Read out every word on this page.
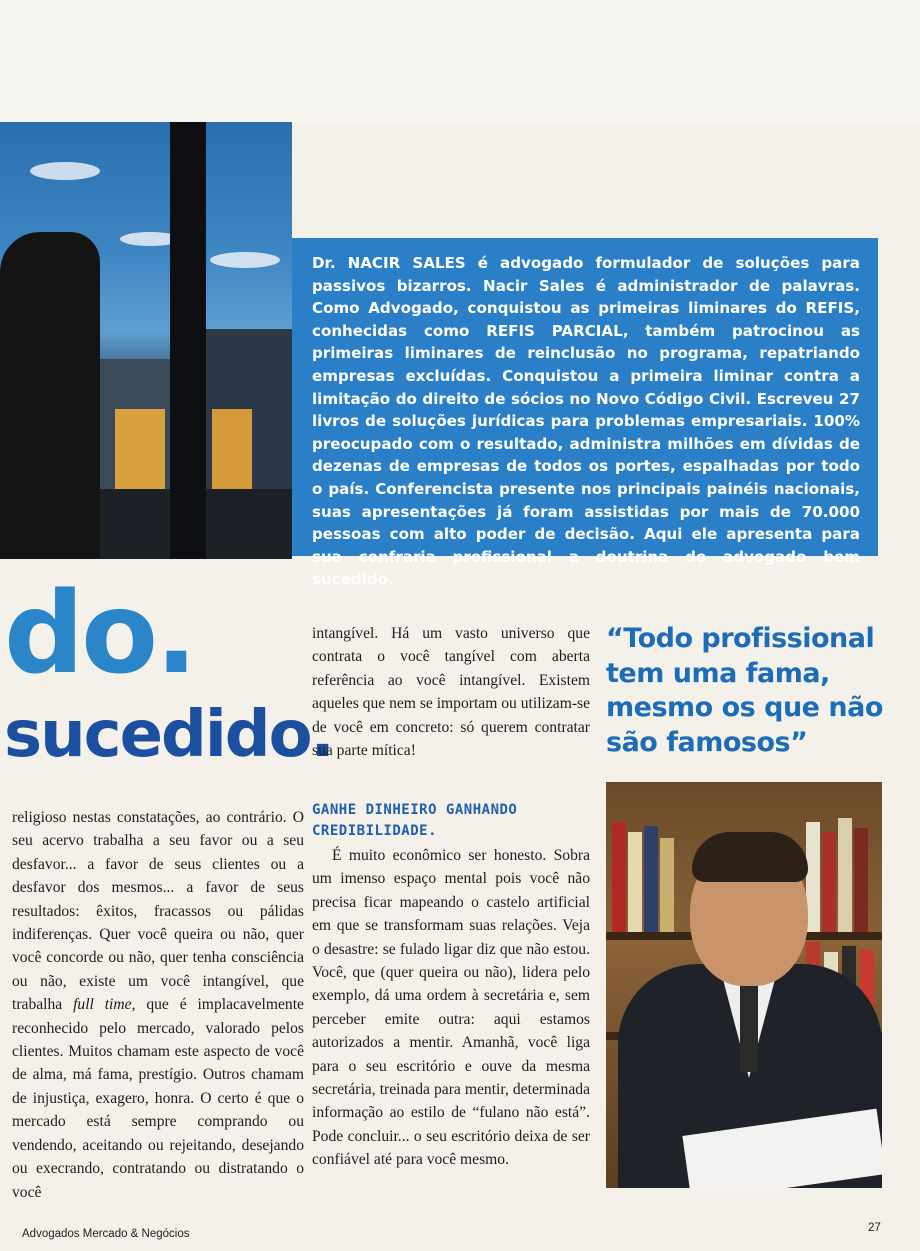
Dr. NACIR SALES é advogado formulador de soluções para passivos bizarros. Nacir Sales é administrador de palavras. Como Advogado, conquistou as primeiras liminares do REFIS, conhecidas como REFIS PARCIAL, também patrocinou as primeiras liminares de reinclusão no programa, repatriando empresas excluídas. Conquistou a primeira liminar contra a limitação do direito de sócios no Novo Código Civil. Escreveu 27 livros de soluções jurídicas para problemas empresariais. 100% preocupado com o resultado, administra milhões em dívidas de dezenas de empresas de todos os portes, espalhadas por todo o país. Conferencista presente nos principais painéis nacionais, suas apresentações já foram assistidas por mais de 70.000 pessoas com alto poder de decisão. Aqui ele apresenta para sua confraria profissional a doutrina do advogado bem sucedido.

do.
sucedido.
religioso nestas constatações, ao contrário. O seu acervo trabalha a seu favor ou a seu desfavor... a favor de seus clientes ou a desfavor dos mesmos... a favor de seus resultados: êxitos, fracassos ou pálidas indiferenças. Quer você queira ou não, quer você concorde ou não, quer tenha consciência ou não, existe um você intangível, que trabalha full time, que é implacavelmente reconhecido pelo mercado, valorado pelos clientes. Muitos chamam este aspecto de você de alma, má fama, prestígio. Outros chamam de injustiça, exagero, honra. O certo é que o mercado está sempre comprando ou vendendo, aceitando ou rejeitando, desejando ou execrando, contratando ou distratando o você

intangível. Há um vasto universo que contrata o você tangível com aberta referência ao você intangível. Existem aqueles que nem se importam ou utilizam-se de você em concreto: só querem contratar sua parte mítica!

GANHE DINHEIRO GANHANDO CREDIBILIDADE.

É muito econômico ser honesto. Sobra um imenso espaço mental pois você não precisa ficar mapeando o castelo artificial em que se transformam suas relações. Veja o desastre: se fulado ligar diz que não estou. Você, que (quer queira ou não), lidera pelo exemplo, dá uma ordem à secretária e, sem perceber emite outra: aqui estamos autorizados a mentir. Amanhã, você liga para o seu escritório e ouve da mesma secretária, treinada para mentir, determinada informação ao estilo de “fulano não está”. Pode concluir... o seu escritório deixa de ser confiável até para você mesmo.

“Todo profissional tem uma fama, mesmo os que não são famosos”
Advogados Mercado & Negócios	27
